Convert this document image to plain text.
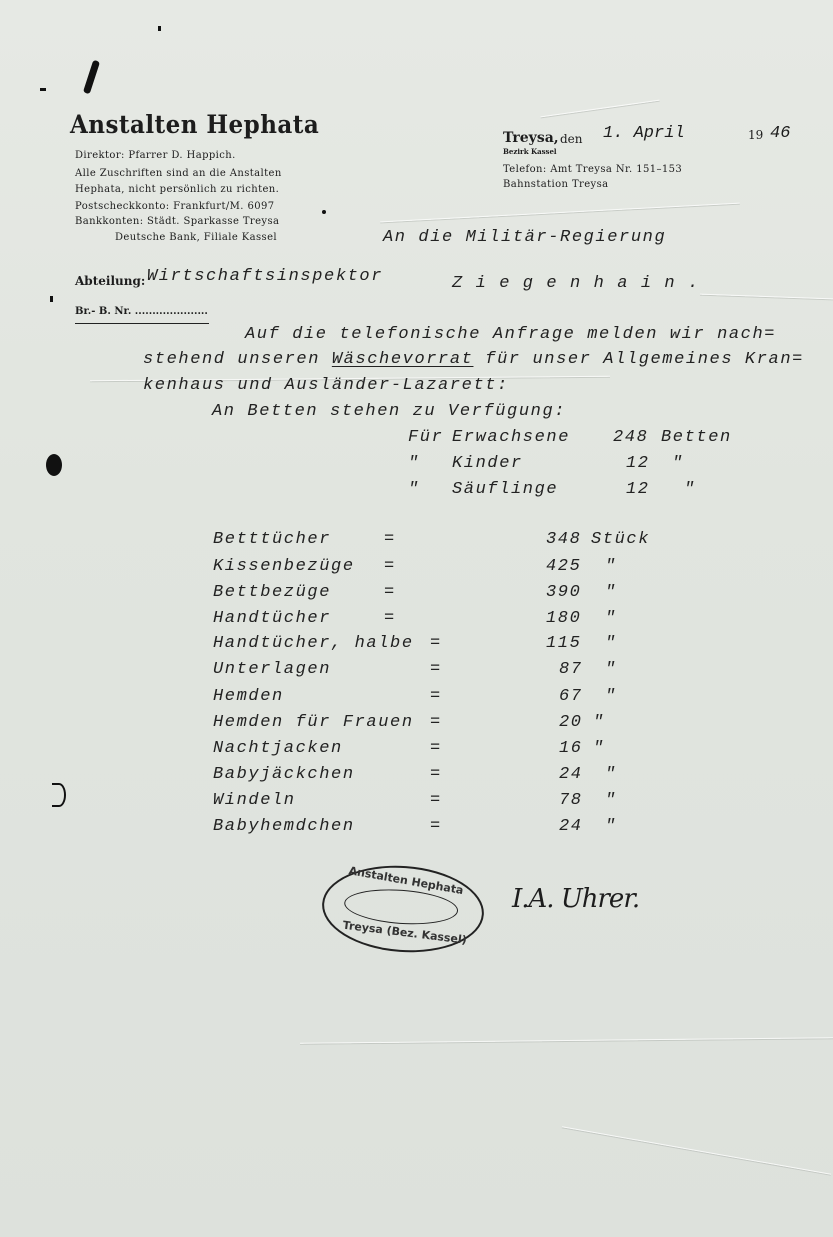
Anstalten Hephata
Direktor: Pfarrer D. Happich.
Alle Zuschriften sind an die Anstalten
Hephata, nicht persönlich zu richten.
Postscheckkonto: Frankfurt/M. 6097
Bankkonten: Städt. Sparkasse Treysa
Deutsche Bank, Filiale Kassel
Treysa, den
Bezirk Kassel
Telefon: Amt Treysa Nr. 151–153
Bahnstation Treysa
1. April	19 46
An die Militär-Regierung
Z i e g e n h a i n .
Abteilung: Wirtschaftsinspektor
Br.- B. Nr. .....................
Auf die telefonische Anfrage melden wir nach=
stehend unseren Wäschevorrat für unser Allgemeines Kran=
kenhaus und Ausländer-Lazarett:
An Betten stehen zu Verfügung:
Für Erwachsene	248 Betten
" Kinder	12 "
" Säuflinge	12 "
Betttücher	=	348 Stück
Kissenbezüge =	425 "
Bettbezüge	=	390 "
Handtücher	=	180 "
Handtücher, halbe =	115 "
Unterlagen	=	87 "
Hemden	=	67 "
Hemden für Frauen =	20 "
Nachtjacken	=	16 "
Babyjäckchen	=	24 "
Windeln	=	78 "
Babyhemdchen	=	24 "
Anstalten Hephata
Treysa (Bez. Kassel)
I.A. Uhrer.
